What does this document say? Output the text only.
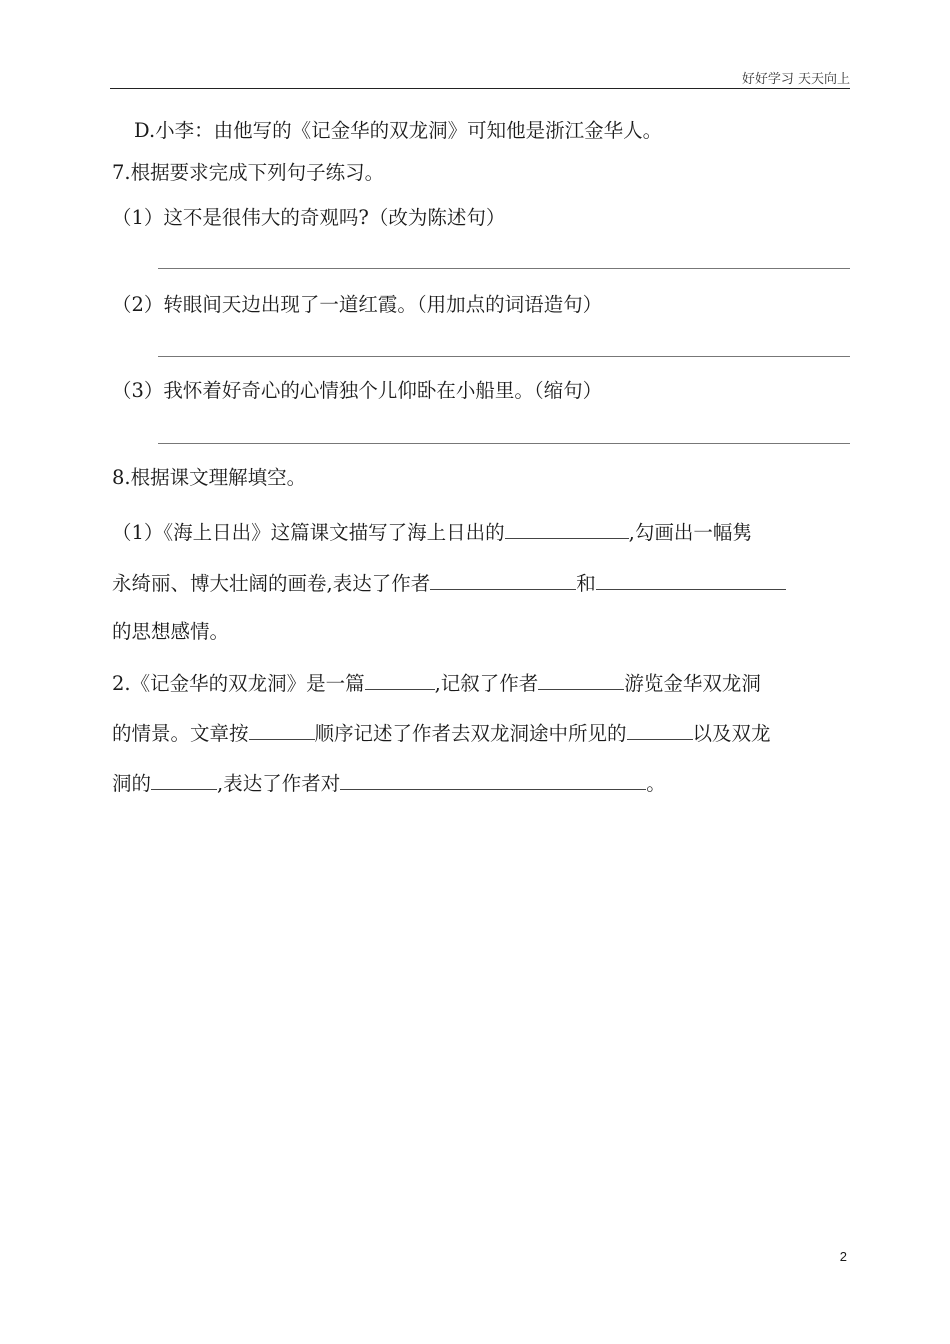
好好学习 天天向上
D.小李：由他写的《记金华的双龙洞》可知他是浙江金华人。
7.根据要求完成下列句子练习。
（1）这不是很伟大的奇观吗?（改为陈述句）
（2）转眼间天边出现了一道红霞。（用加点的词语造句）
（3）我怀着好奇心的心情独个儿仰卧在小船里。（缩句）
8.根据课文理解填空。
（1）《海上日出》这篇课文描写了海上日出的	,勾画出一幅隽
永绮丽、博大壮阔的画卷,表达了作者	和
的思想感情。
2.《记金华的双龙洞》是一篇	,记叙了作者	游览金华双龙洞
的情景。文章按	顺序记述了作者去双龙洞途中所见的	以及双龙
洞的	,表达了作者对	。
2
